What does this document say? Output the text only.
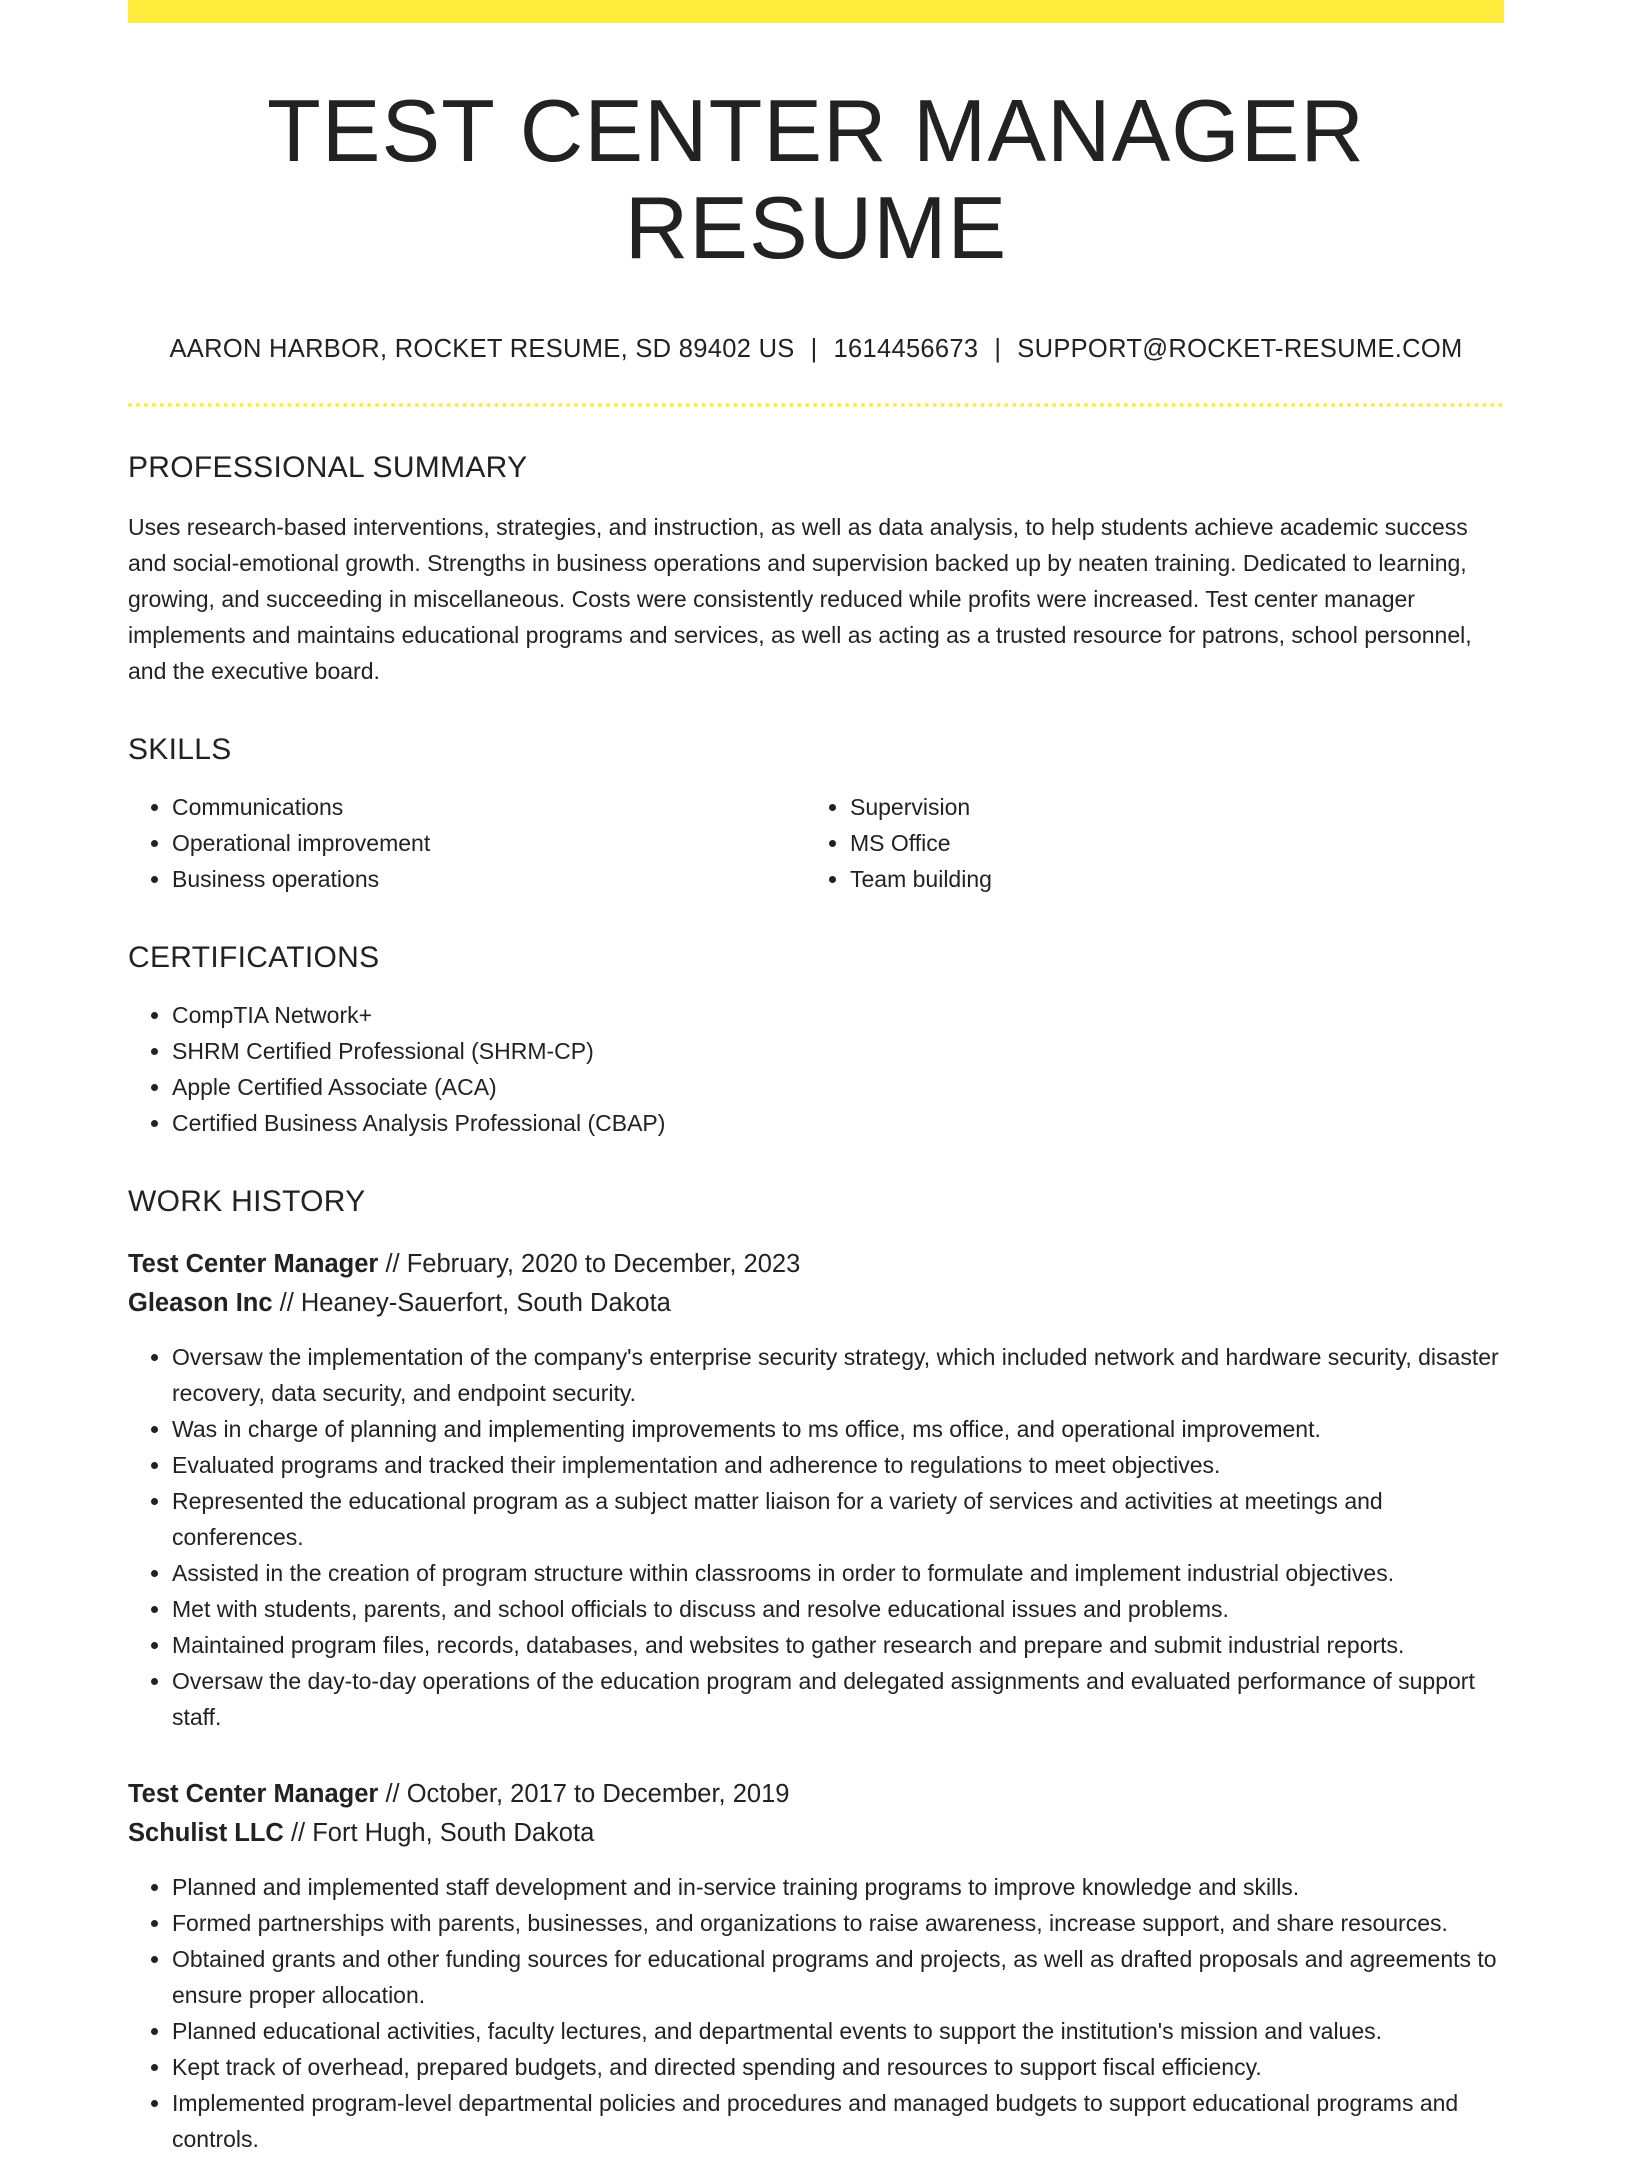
TEST CENTER MANAGER RESUME
AARON HARBOR, ROCKET RESUME, SD 89402 US | 1614456673 | SUPPORT@ROCKET-RESUME.COM
PROFESSIONAL SUMMARY
Uses research-based interventions, strategies, and instruction, as well as data analysis, to help students achieve academic success and social-emotional growth. Strengths in business operations and supervision backed up by neaten training. Dedicated to learning, growing, and succeeding in miscellaneous. Costs were consistently reduced while profits were increased. Test center manager implements and maintains educational programs and services, as well as acting as a trusted resource for patrons, school personnel, and the executive board.
SKILLS
• Communications
• Operational improvement
• Business operations
• Supervision
• MS Office
• Team building
CERTIFICATIONS
• CompTIA Network+
• SHRM Certified Professional (SHRM-CP)
• Apple Certified Associate (ACA)
• Certified Business Analysis Professional (CBAP)
WORK HISTORY
Test Center Manager // February, 2020 to December, 2023
Gleason Inc // Heaney-Sauerfort, South Dakota
• Oversaw the implementation of the company's enterprise security strategy, which included network and hardware security, disaster recovery, data security, and endpoint security.
• Was in charge of planning and implementing improvements to ms office, ms office, and operational improvement.
• Evaluated programs and tracked their implementation and adherence to regulations to meet objectives.
• Represented the educational program as a subject matter liaison for a variety of services and activities at meetings and conferences.
• Assisted in the creation of program structure within classrooms in order to formulate and implement industrial objectives.
• Met with students, parents, and school officials to discuss and resolve educational issues and problems.
• Maintained program files, records, databases, and websites to gather research and prepare and submit industrial reports.
• Oversaw the day-to-day operations of the education program and delegated assignments and evaluated performance of support staff.
Test Center Manager // October, 2017 to December, 2019
Schulist LLC // Fort Hugh, South Dakota
• Planned and implemented staff development and in-service training programs to improve knowledge and skills.
• Formed partnerships with parents, businesses, and organizations to raise awareness, increase support, and share resources.
• Obtained grants and other funding sources for educational programs and projects, as well as drafted proposals and agreements to ensure proper allocation.
• Planned educational activities, faculty lectures, and departmental events to support the institution's mission and values.
• Kept track of overhead, prepared budgets, and directed spending and resources to support fiscal efficiency.
• Implemented program-level departmental policies and procedures and managed budgets to support educational programs and controls.
